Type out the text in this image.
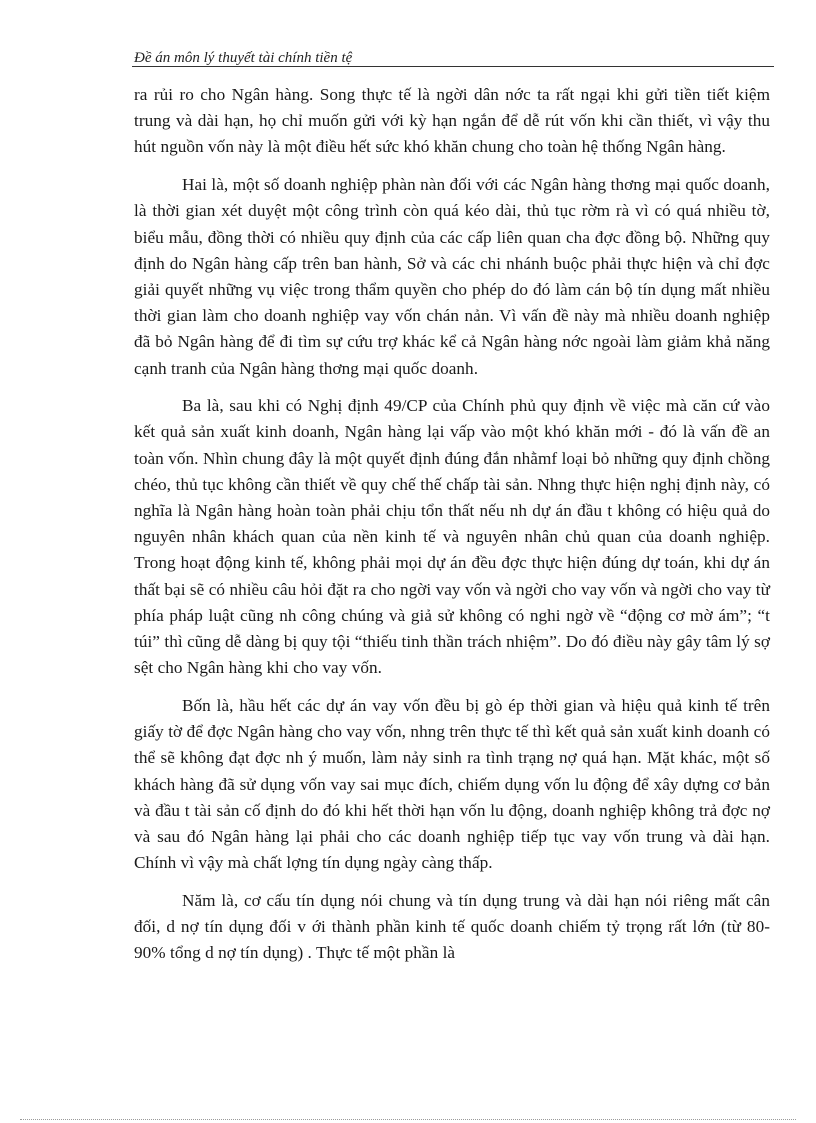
Đề án môn lý thuyết tài chính tiền tệ

ra rủi ro cho Ngân hàng. Song thực tế là ngời dân nớc ta rất ngại khi gửi tiền tiết kiệm trung và dài hạn, họ chỉ muốn gửi với kỳ hạn ngắn để dễ rút vốn khi cần thiết, vì vậy thu hút nguồn vốn này là một điều hết sức khó khăn chung cho toàn hệ thống Ngân hàng.

Hai là, một số doanh nghiệp phàn nàn đối với các Ngân hàng thơng mại quốc doanh, là thời gian xét duyệt một công trình còn quá kéo dài, thủ tục rờm rà vì có quá nhiều tờ, biểu mẫu, đồng thời có nhiều quy định của các cấp liên quan cha đợc đồng bộ. Những quy định do Ngân hàng cấp trên ban hành, Sở và các chi nhánh buộc phải thực hiện và chỉ đợc giải quyết những vụ việc trong thẩm quyền cho phép do đó làm cán bộ tín dụng mất nhiều thời gian làm cho doanh nghiệp vay vốn chán nản. Vì vấn đề này mà nhiều doanh nghiệp đã bỏ Ngân hàng để đi tìm sự cứu trợ khác kể cả Ngân hàng nớc ngoài làm giảm khả năng cạnh tranh của Ngân hàng thơng mại quốc doanh.

Ba là, sau khi có Nghị định 49/CP của Chính phủ quy định về việc mà căn cứ vào kết quả sản xuất kinh doanh, Ngân hàng lại vấp vào một khó khăn mới - đó là vấn đề an toàn vốn. Nhìn chung đây là một quyết định đúng đắn nhằmf loại bỏ những quy định chồng chéo, thủ tục không cần thiết về quy chế thế chấp tài sản. Nhng thực hiện nghị định này, có nghĩa là Ngân hàng hoàn toàn phải chịu tổn thất nếu nh dự án đầu t không có hiệu quả do nguyên nhân khách quan của nền kinh tế và nguyên nhân chủ quan của doanh nghiệp. Trong hoạt động kinh tế, không phải mọi dự án đều đợc thực hiện đúng dự toán, khi dự án thất bại sẽ có nhiều câu hỏi đặt ra cho ngời vay vốn và ngời cho vay vốn và ngời cho vay từ phía pháp luật cũng nh công chúng và giả sử không có nghi ngờ về “động cơ mờ ám”; “t túi” thì cũng dễ dàng bị quy tội “thiếu tinh thần trách nhiệm”. Do đó điều này gây tâm lý sợ sệt cho Ngân hàng khi cho vay vốn.

Bốn là, hầu hết các dự án vay vốn đều bị gò ép thời gian và hiệu quả kinh tế trên giấy tờ để đợc Ngân hàng cho vay vốn, nhng trên thực tế thì kết quả sản xuất kinh doanh có thể sẽ không đạt đợc nh ý muốn, làm nảy sinh ra tình trạng nợ quá hạn. Mặt khác, một số khách hàng đã sử dụng vốn vay sai mục đích, chiếm dụng vốn lu động để xây dựng cơ bản và đầu t tài sản cố định do đó khi hết thời hạn vốn lu động, doanh nghiệp không trả đợc nợ và sau đó Ngân hàng lại phải cho các doanh nghiệp tiếp tục vay vốn trung và dài hạn. Chính vì vậy mà chất lợng tín dụng ngày càng thấp.

Năm là, cơ cấu tín dụng nói chung và tín dụng trung và dài hạn nói riêng mất cân đối, d nợ tín dụng đối v ới thành phần kinh tế quốc doanh chiếm tỷ trọng rất lớn (từ 80-90% tổng d nợ tín dụng) . Thực tế một phần là
